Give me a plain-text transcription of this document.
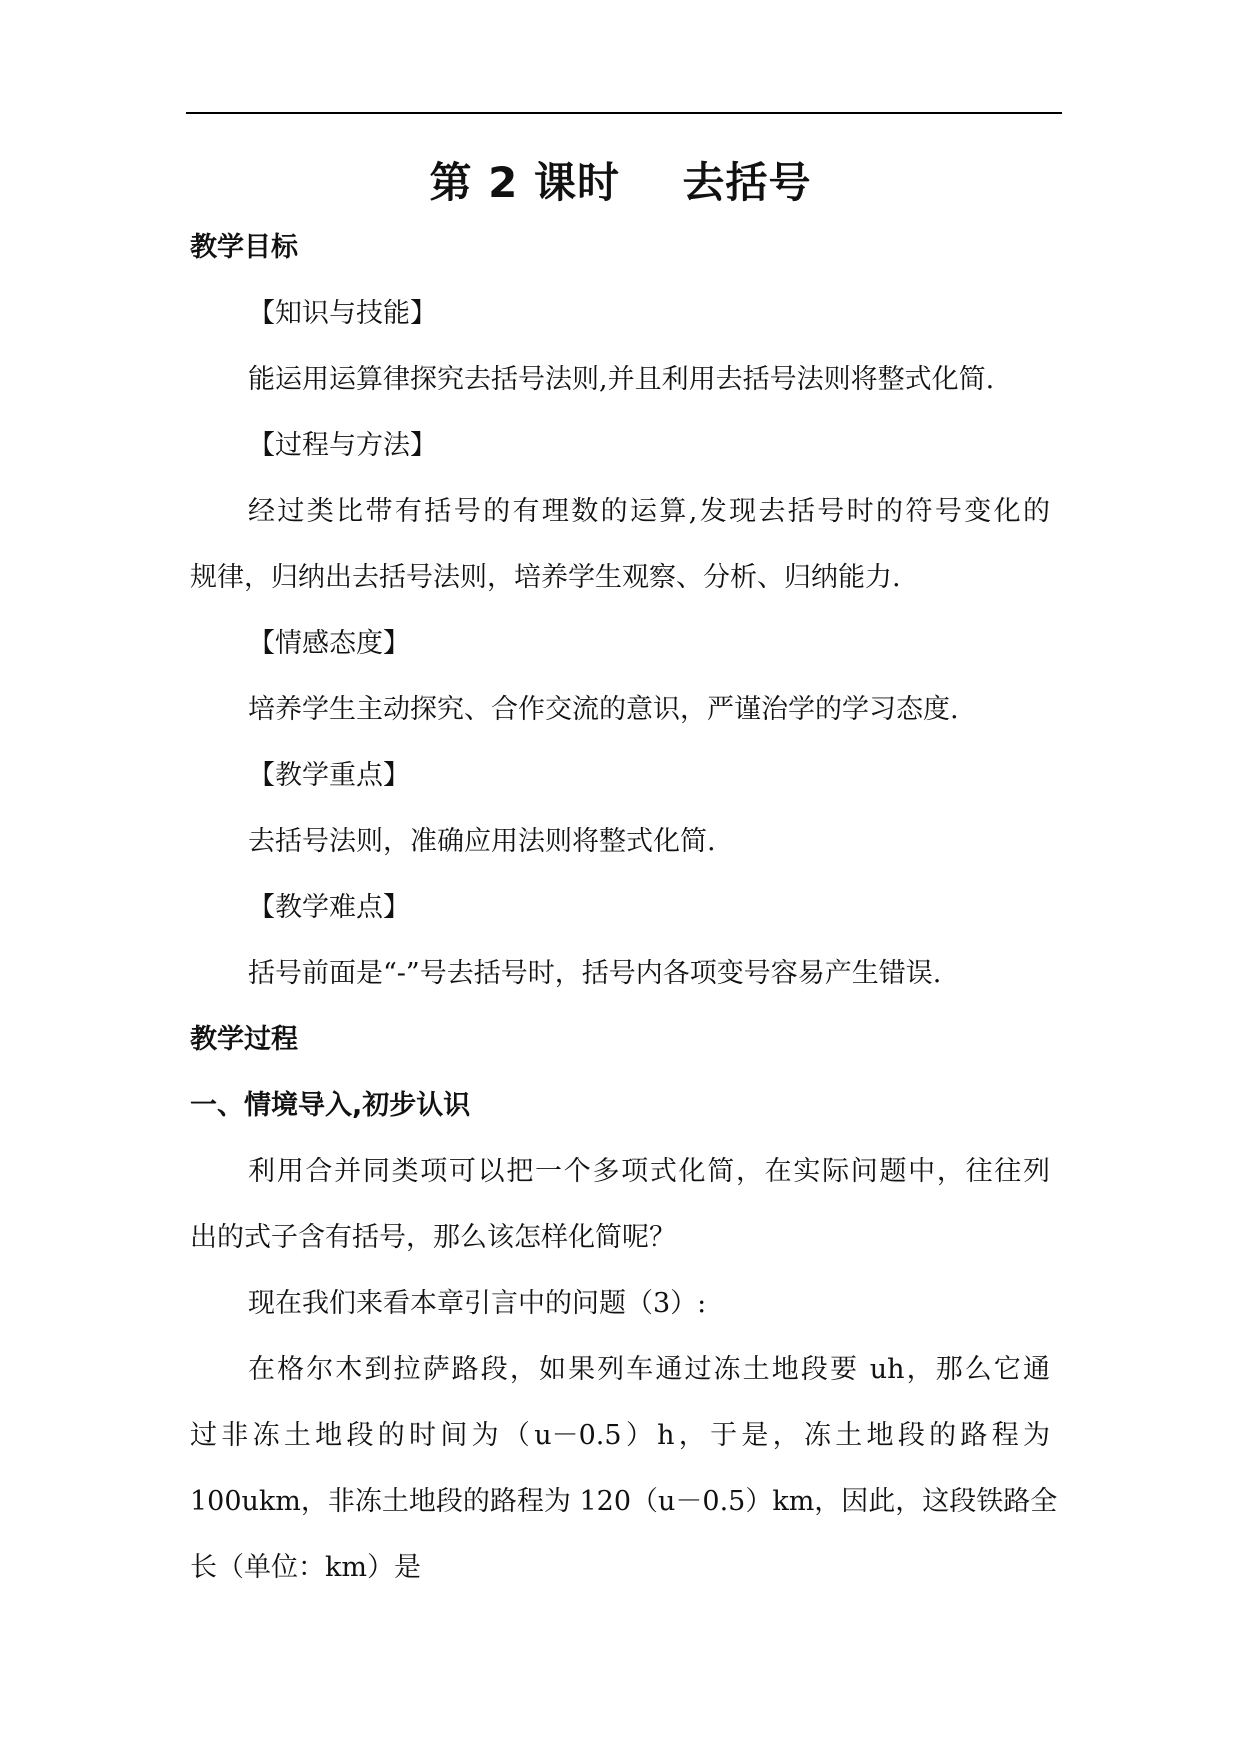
第 2 课时    去括号
教学目标
【知识与技能】
能运用运算律探究去括号法则,并且利用去括号法则将整式化简.
【过程与方法】
经过类比带有括号的有理数的运算,发现去括号时的符号变化的
规律，归纳出去括号法则，培养学生观察、分析、归纳能力.
【情感态度】
培养学生主动探究、合作交流的意识，严谨治学的学习态度.
【教学重点】
去括号法则，准确应用法则将整式化简.
【教学难点】
括号前面是“-”号去括号时，括号内各项变号容易产生错误.
教学过程
一、情境导入,初步认识
利用合并同类项可以把一个多项式化简，在实际问题中，往往列
出的式子含有括号，那么该怎样化简呢？
现在我们来看本章引言中的问题（3）:
在格尔木到拉萨路段，如果列车通过冻土地段要 uh，那么它通
过非冻土地段的时间为（u－0.5）h，于是，冻土地段的路程为
100ukm，非冻土地段的路程为 120（u－0.5）km，因此，这段铁路全
长（单位：km）是
